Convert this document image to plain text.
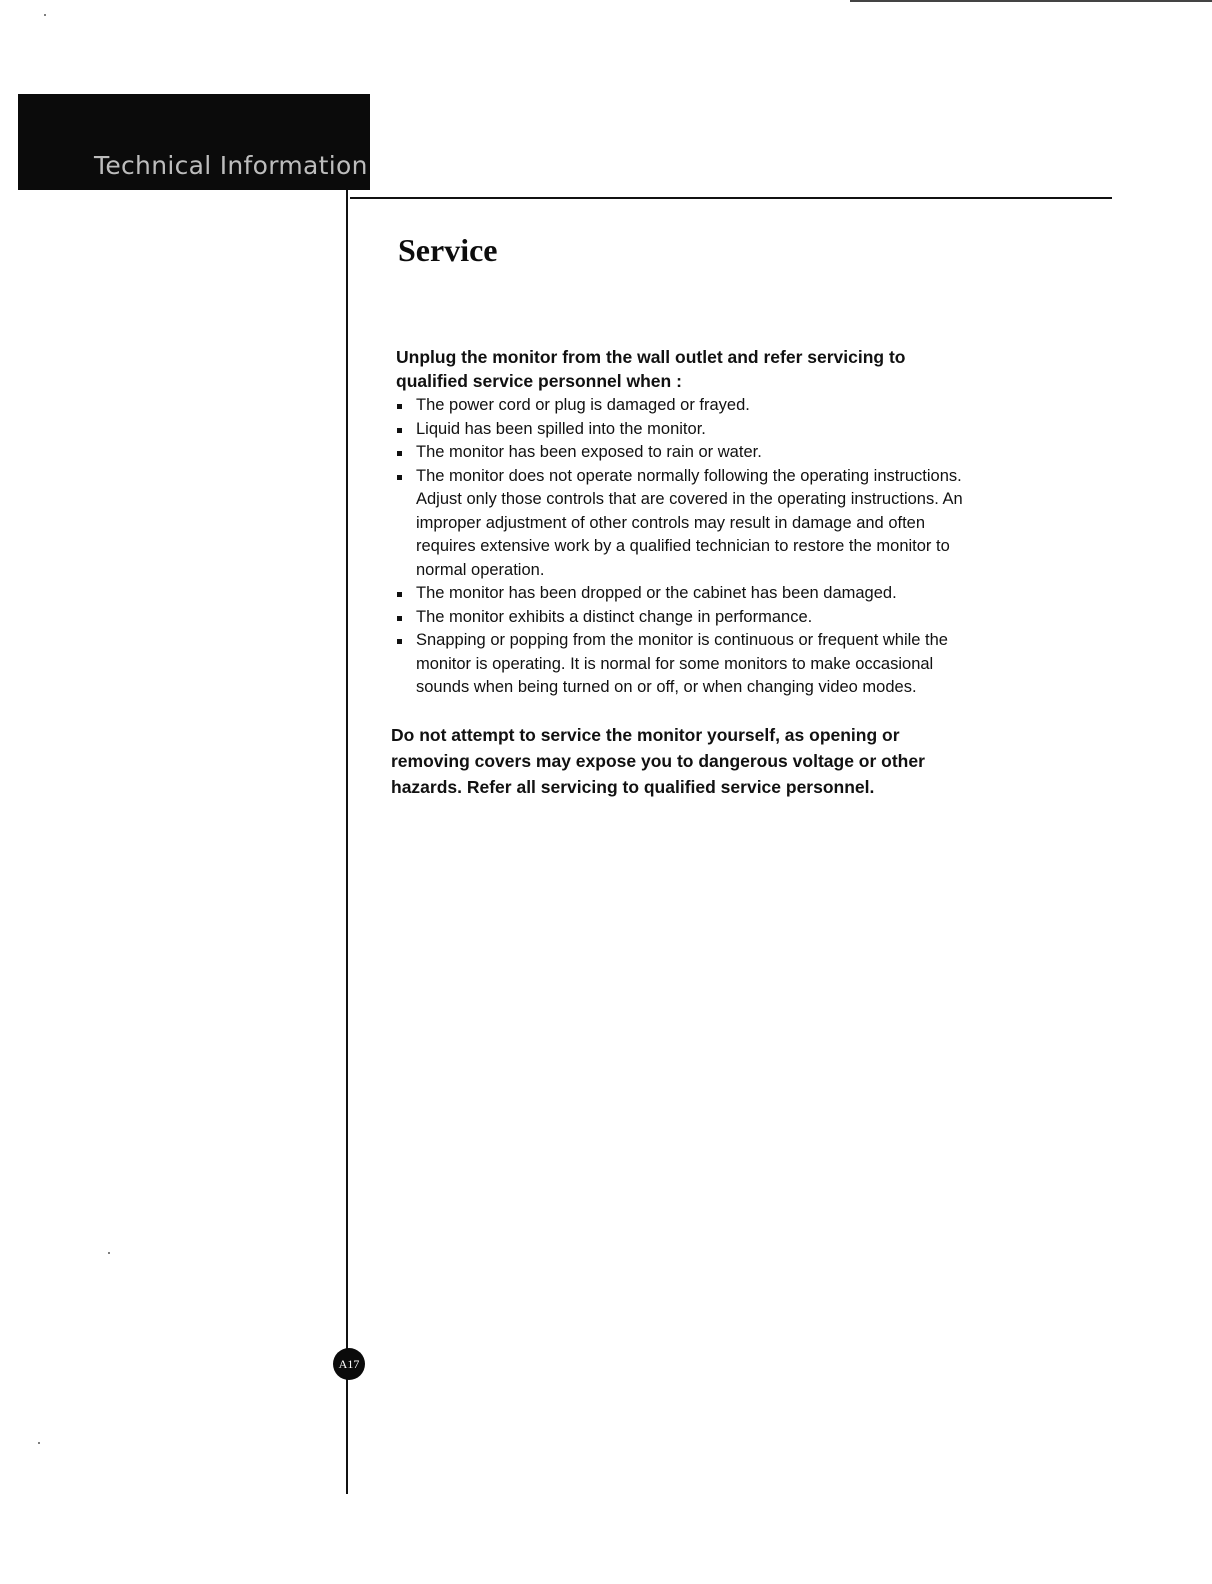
Technical Information
Service

Unplug the monitor from the wall outlet and refer servicing to qualified service personnel when :

The power cord or plug is damaged or frayed.
Liquid has been spilled into the monitor.
The monitor has been exposed to rain or water.
The monitor does not operate normally following the operating instructions. Adjust only those controls that are covered in the operating instructions. An improper adjustment of other controls may result in damage and often requires extensive work by a qualified technician to restore the monitor to normal operation.
The monitor has been dropped or the cabinet has been damaged.
The monitor exhibits a distinct change in performance.
Snapping or popping from the monitor is continuous or frequent while the monitor is operating. It is normal for some monitors to make occasional sounds when being turned on or off, or when changing video modes.

Do not attempt to service the monitor yourself, as opening or removing covers may expose you to dangerous voltage or other hazards. Refer all servicing to qualified service personnel.

A17
